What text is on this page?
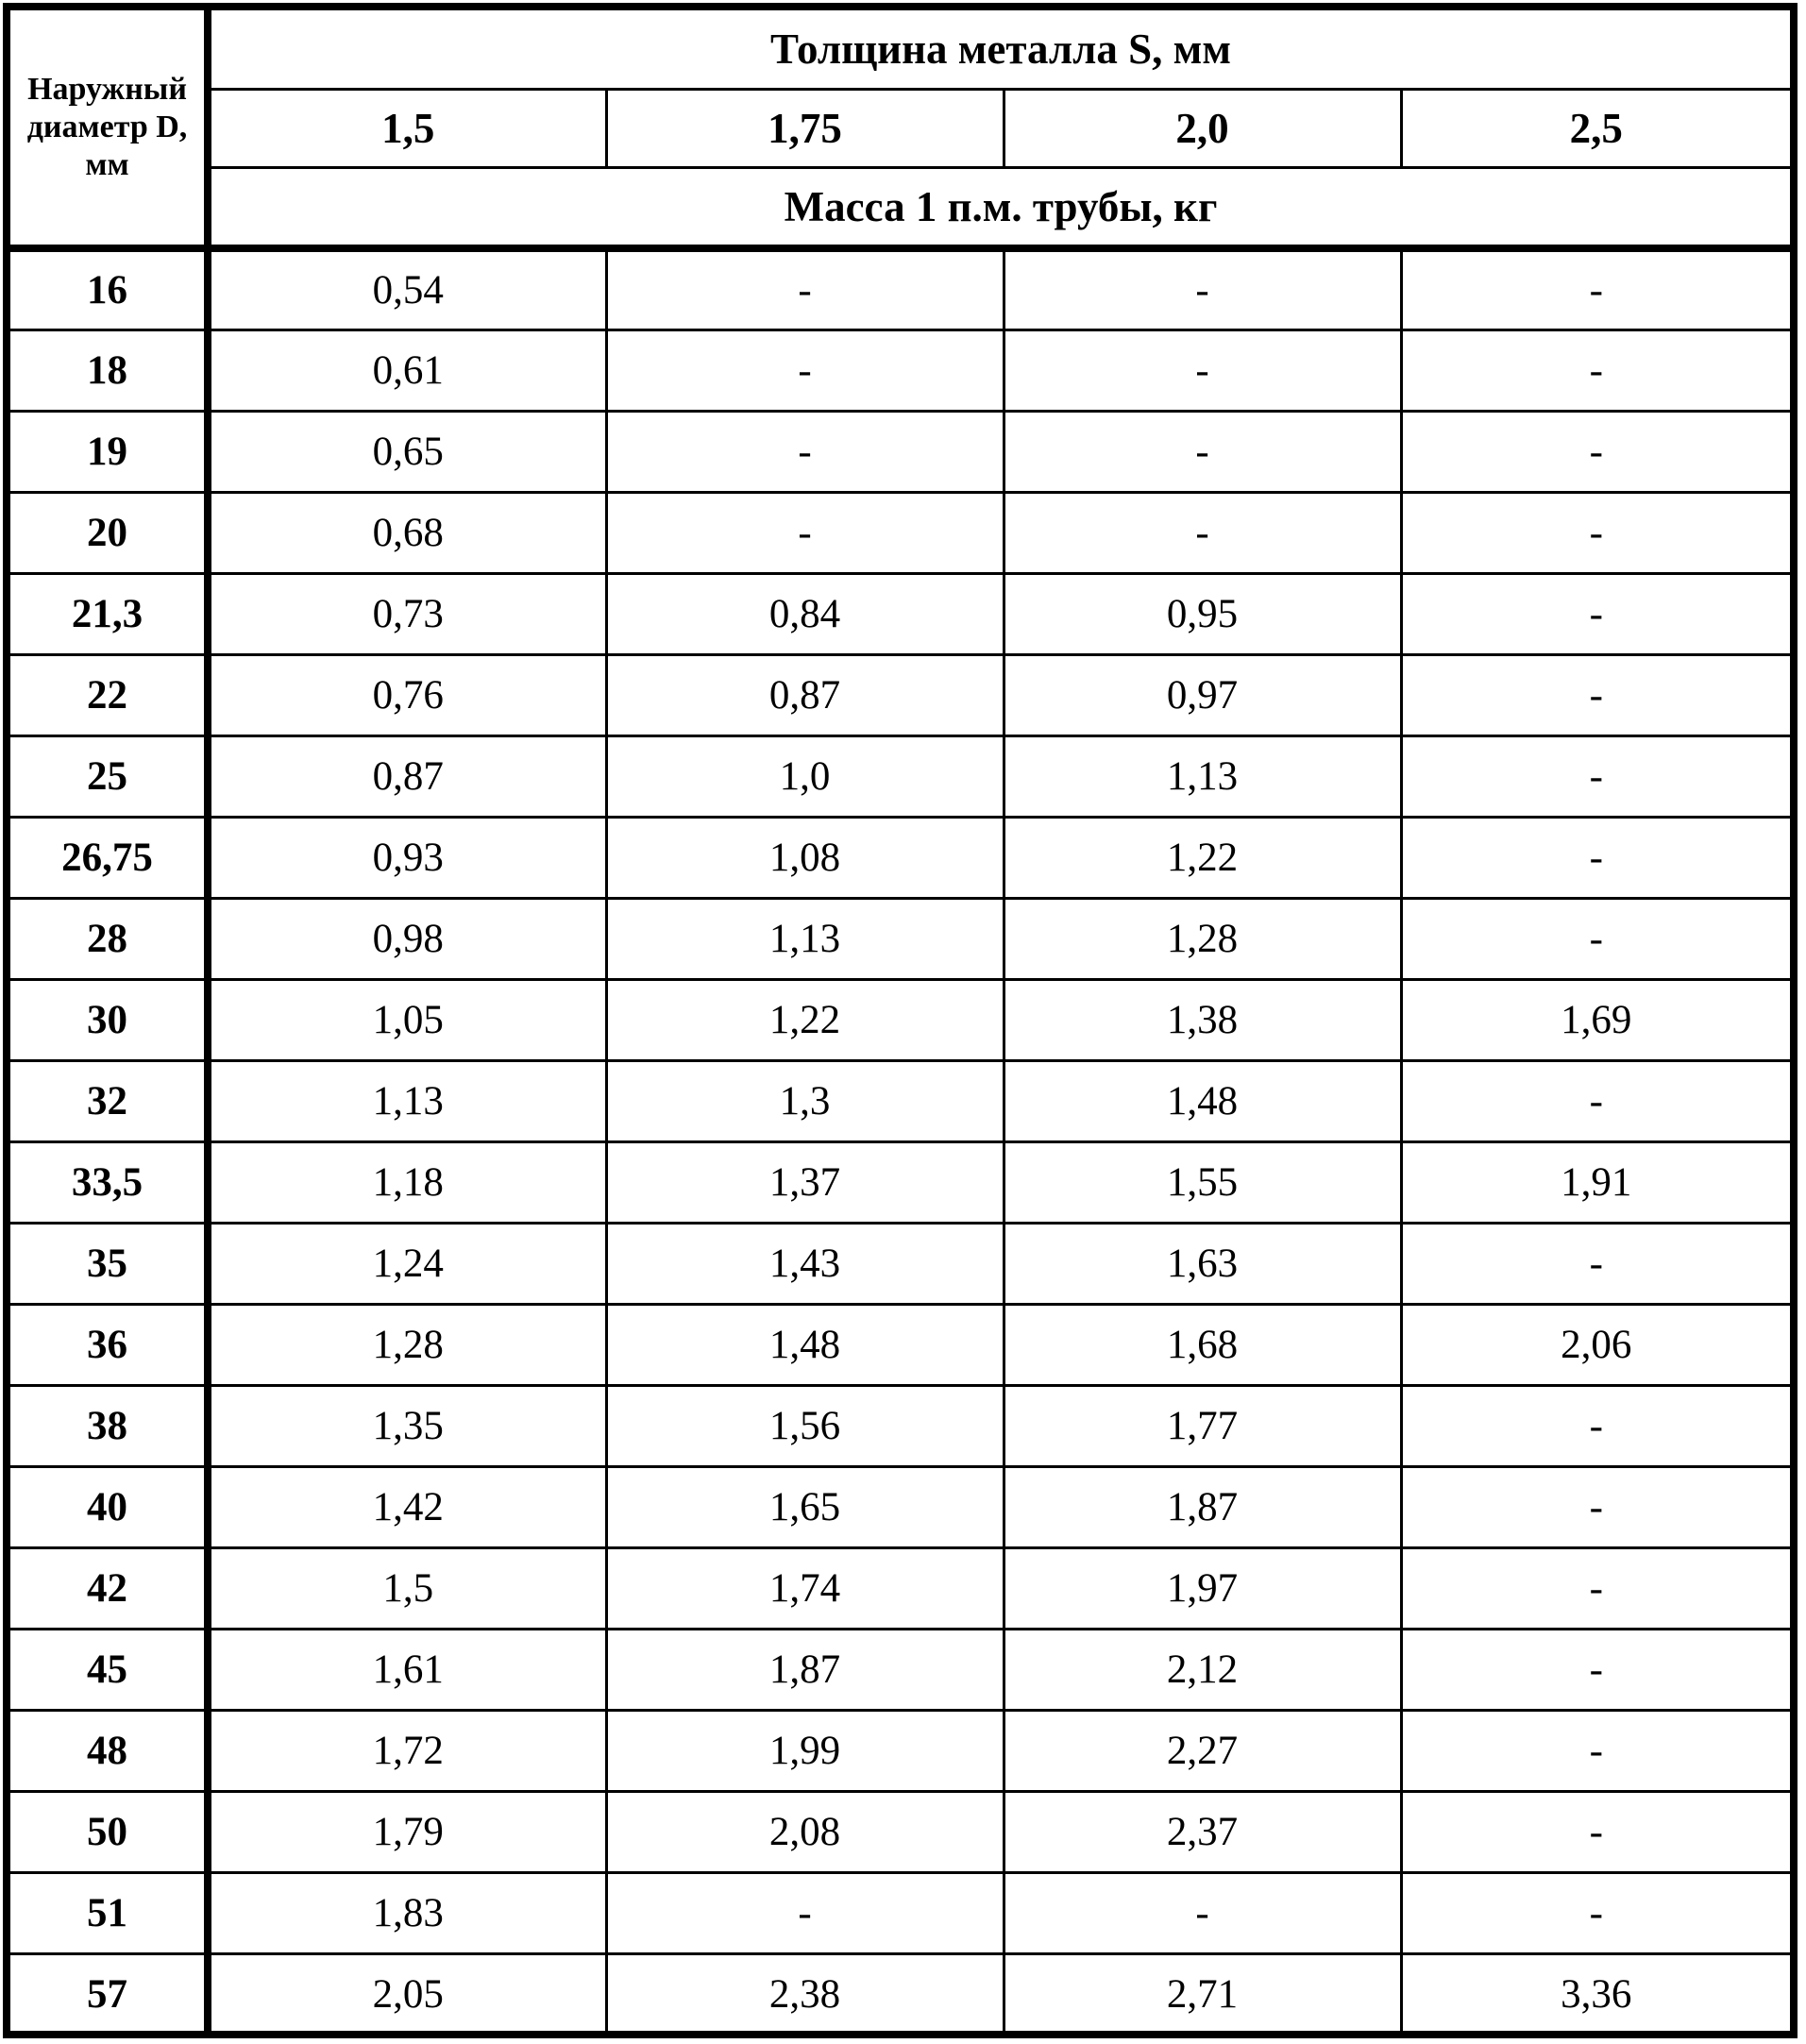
Наружный диаметр D, мм	Толщина металла S, мм			
	1,5	1,75	2,0	2,5
	Масса 1 п.м. трубы, кг			
16	0,54	-	-	-
18	0,61	-	-	-
19	0,65	-	-	-
20	0,68	-	-	-
21,3	0,73	0,84	0,95	-
22	0,76	0,87	0,97	-
25	0,87	1,0	1,13	-
26,75	0,93	1,08	1,22	-
28	0,98	1,13	1,28	-
30	1,05	1,22	1,38	1,69
32	1,13	1,3	1,48	-
33,5	1,18	1,37	1,55	1,91
35	1,24	1,43	1,63	-
36	1,28	1,48	1,68	2,06
38	1,35	1,56	1,77	-
40	1,42	1,65	1,87	-
42	1,5	1,74	1,97	-
45	1,61	1,87	2,12	-
48	1,72	1,99	2,27	-
50	1,79	2,08	2,37	-
51	1,83	-	-	-
57	2,05	2,38	2,71	3,36
